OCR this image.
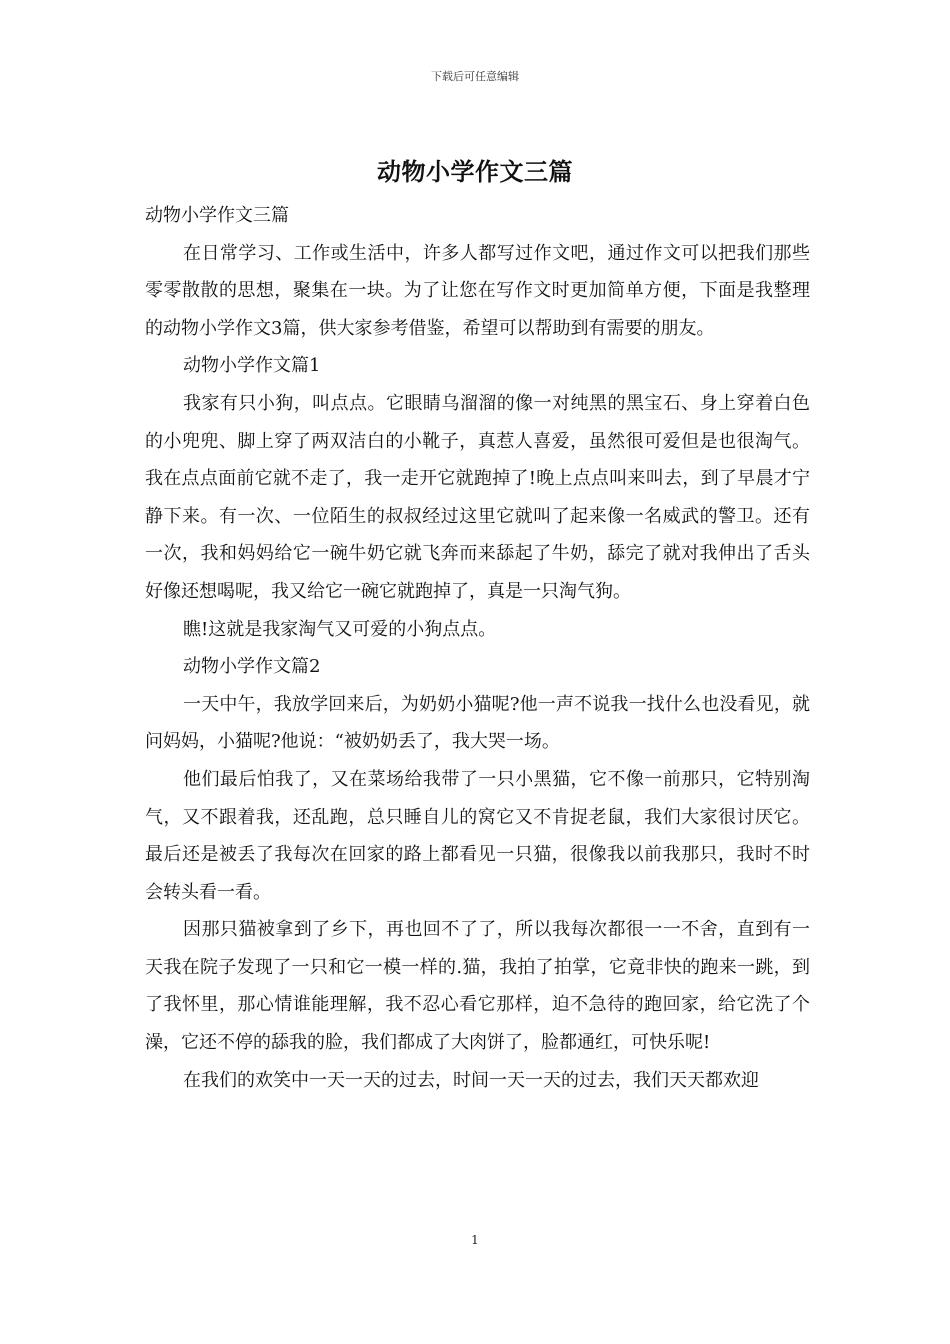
下载后可任意编辑
动物小学作文三篇

动物小学作文三篇

在日常学习、工作或生活中，许多人都写过作文吧，通过作文可以把我们那些零零散散的思想，聚集在一块。为了让您在写作文时更加简单方便，下面是我整理的动物小学作文3篇，供大家参考借鉴，希望可以帮助到有需要的朋友。

动物小学作文篇1

我家有只小狗，叫点点。它眼睛乌溜溜的像一对纯黑的黑宝石、身上穿着白色的小兜兜、脚上穿了两双洁白的小靴子，真惹人喜爱，虽然很可爱但是也很淘气。我在点点面前它就不走了，我一走开它就跑掉了!晚上点点叫来叫去，到了早晨才宁静下来。有一次、一位陌生的叔叔经过这里它就叫了起来像一名威武的警卫。还有一次，我和妈妈给它一碗牛奶它就飞奔而来舔起了牛奶，舔完了就对我伸出了舌头好像还想喝呢，我又给它一碗它就跑掉了，真是一只淘气狗。

瞧!这就是我家淘气又可爱的小狗点点。

动物小学作文篇2

一天中午，我放学回来后，为奶奶小猫呢?他一声不说我一找什么也没看见，就问妈妈，小猫呢?他说：“被奶奶丢了，我大哭一场。

他们最后怕我了，又在菜场给我带了一只小黑猫，它不像一前那只，它特别淘气，又不跟着我，还乱跑，总只睡自儿的窝它又不肯捉老鼠，我们大家很讨厌它。最后还是被丢了我每次在回家的路上都看见一只猫，很像我以前我那只，我时不时会转头看一看。

因那只猫被拿到了乡下，再也回不了了，所以我每次都很一一不舍，直到有一天我在院子发现了一只和它一模一样的.猫，我拍了拍掌，它竟非快的跑来一跳，到了我怀里，那心情谁能理解，我不忍心看它那样，迫不急待的跑回家，给它洗了个澡，它还不停的舔我的脸，我们都成了大肉饼了，脸都通红，可快乐呢!

在我们的欢笑中一天一天的过去，时间一天一天的过去，我们天天都欢迎

1
